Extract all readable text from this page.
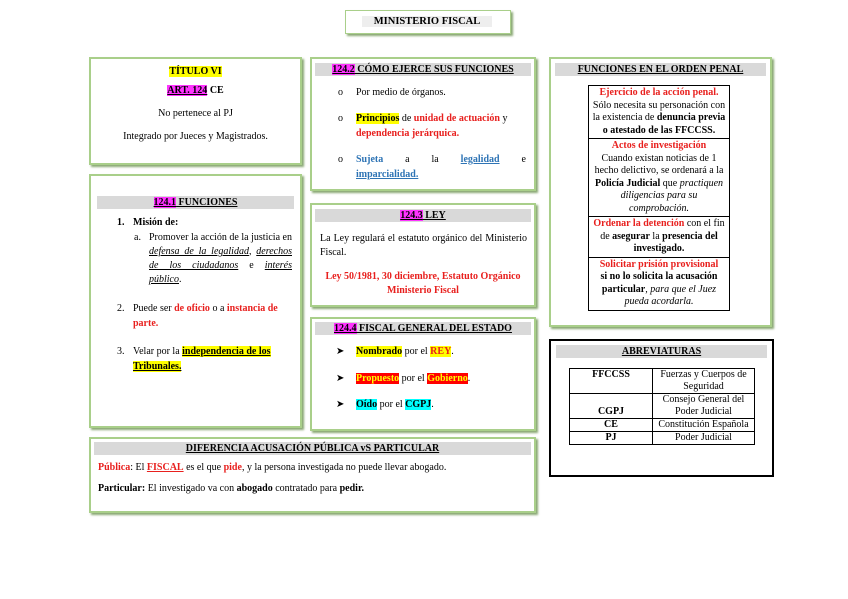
MINISTERIO FISCAL
TÍTULO VI
ART. 124 CE
No pertenece al PJ
Integrado por Jueces y Magistrados.
124.1 FUNCIONES
1. Misión de:
a. Promover la acción de la justicia en defensa de la legalidad, derechos de los ciudadanos e interés público.
2. Puede ser de oficio o a instancia de parte.
3. Velar por la independencia de los Tribunales.
124.2 CÓMO EJERCE SUS FUNCIONES
o Por medio de órganos.
o Principios de unidad de actuación y dependencia jerárquica.
o Sujeta a la legalidad e
imparcialidad.
124.3 LEY

La Ley regulará el estatuto orgánico del Ministerio Fiscal.

Ley 50/1981, 30 diciembre, Estatuto Orgánico Ministerio Fiscal

124.4 FISCAL GENERAL DEL ESTADO
➤ Nombrado por el REY.
➤ Propuesto por el Gobierno.
➤ Oído por el CGPJ.
FUNCIONES EN EL ORDEN PENAL
Ejercicio de la acción penal.
Sólo necesita su personación con la existencia de denuncia previa o atestado de las FFCCSS.
Actos de investigación
Cuando existan noticias de 1 hecho delictivo, se ordenará a la Policía Judicial que practiquen diligencias para su comprobación.
Ordenar la detención con el fin de asegurar la presencia del investigado.
Solicitar prisión provisional
si no lo solicita la acusación particular, para que el Juez pueda acordarla.
ABREVIATURAS
FFCCSS	Fuerzas y Cuerpos de Seguridad
CGPJ	Consejo General del Poder Judicial
CE	Constitución Española
PJ	Poder Judicial
DIFERENCIA ACUSACIÓN PÚBLICA vS PARTICULAR

Pública: El FISCAL es el que pide, y la persona investigada no puede llevar abogado.

Particular: El investigado va con abogado contratado para pedir.
